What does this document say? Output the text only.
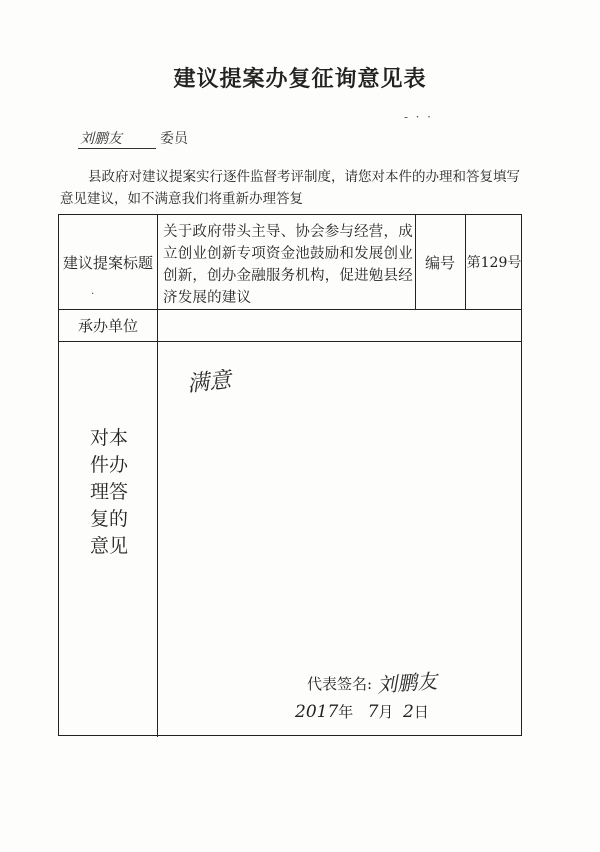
建议提案办复征询意见表
-  ·  ·
刘鹏友	委员
县政府对建议提案实行逐件监督考评制度，请您对本件的办理和答复填写意见建议，如不满意我们将重新办理答复
建议提案标题
关于政府带头主导、协会参与经营，成立创业创新专项资金池鼓励和发展创业创新，创办金融服务机构，促进勉县经济发展的建议
编号 第129号
承办单位
对本件办理答复的意见
满意
代表签名: 刘鹏友
2017年 7月 2日
·
